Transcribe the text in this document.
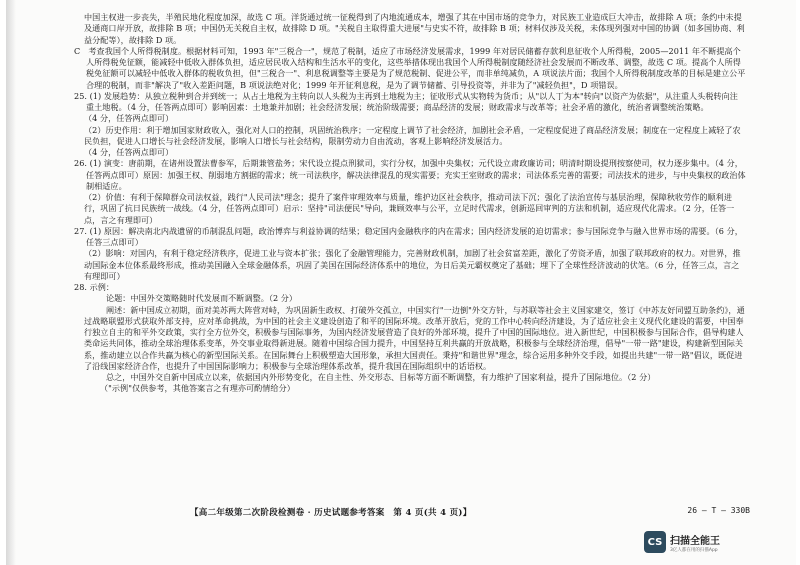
中国主权进一步丧失，半殖民地化程度加深，故选 C 项。洋货通过统一征税得到了内地流通成本，增强了其在中国市场的竞争力，对民族工业造成巨大冲击，故排除 A 项；条约中未提及通商口岸开放，故排除 B 项；中国仍无关税自主权，故排除 D 项。"关税自主取得重大进展"与史实不符，故排除 B 项；材料仅涉及关税，未体现列强对中国的协调（如多国协商、利益分配等），故排除 D 项。

C　考查我国个人所得税制度。根据材料可知，1993 年"三税合一"，规范了税制，适应了市场经济发展需求，1999 年对居民储蓄存款利息征收个人所得税，2005—2011 年不断提高个人所得税免征额，能减轻中低收入群体负担，适应居民收入结构和生活水平的变化，这些举措体现出我国个人所得税制度随经济社会发展而不断改革、调整，故选 C 项。提高个人所得税免征额可以减轻中低收入群体的税收负担，但"三税合一"、利息税调整等主要是为了规范税制、促进公平，而非单纯减负，A 项说法片面；我国个人所得税制度改革的目标是建立公平合理的税制，而非"解决了"收入差距问题，B 项说法绝对化；1999 年开征利息税，是为了调节储蓄、引导投资等，并非为了"减轻负担"，D 项错误。

25. (1) 发展趋势：从独立税种到合并到统一；从占土地税为主转向以人头税为主再到土地税为主；征收形式从实物转为货币；从"以人丁为本"转向"以资产为依据"，从注重人头税转向注重土地税。（4 分，任答两点即可）影响因素：土地兼并加剧；社会经济发展；统治阶级需要；商品经济的发展；财政需求与改革等；社会矛盾的激化，统治者调整统治策略。

（4 分，任答两点即可）

（2）历史作用：利于增加国家财政收入，强化对人口的控制，巩固统治秩序；一定程度上调节了社会经济，加剧社会矛盾，一定程度促进了商品经济发展；制度在一定程度上减轻了农民负担，促进人口增长与社会经济发展，影响人口增长与社会结构，限制劳动力自由流动，客观上影响经济发展活力。

（4 分，任答两点即可）

26. (1) 演变：唐前期，在诸州设置法曹参军，后期兼管盐务；宋代设立提点刑狱司，实行分权，加强中央集权；元代设立肃政廉访司；明清时期设提刑按察使司，权力逐步集中。（4 分，任答两点即可）原因：加强王权、削弱地方割据的需求；统一司法秩序，解决法律混乱的现实需要；充实王室财政的需求；司法体系完善的需要；司法技术的进步，与中央集权的政治体制相适应。

（2）价值：有利于保障群众司法权益，践行"人民司法"理念；提升了案件审理效率与质量，维护边区社会秩序，推动司法下沉；强化了法治宣传与基层治理，保障秋收劳作的顺利进行，巩固了抗日民族统一战线。（4 分，任答两点即可）启示：坚持"司法便民"导向，兼顾效率与公平，立足时代需求，创新巡回审判的方法和机制，适应现代化需求。（2 分，任答一点，言之有理即可）

27. (1) 原因：解决南北内战遗留的币制混乱问题，政治博弈与利益协调的结果；稳定国内金融秩序的内在需求；国内经济发展的迫切需求；参与国际竞争与融入世界市场的需要。（6 分，任答三点即可）

（2）影响：对国内，有利于稳定经济秩序，促进工业与资本扩张；强化了金融管理能力，完善财政机制，加剧了社会贫富差距，激化了劳资矛盾，加强了联邦政府的权力。对世界，推动国际金本位体系最终形成，推动美国融入全球金融体系，巩固了美国在国际经济体系中的地位，为日后美元霸权奠定了基础；埋下了全球性经济波动的伏笔。（6 分，任答三点，言之有理即可）

28. 示例：

论题：中国外交策略随时代发展而不断调整。（2 分）

阐述：新中国成立初期，面对美苏两大阵营对峙，为巩固新生政权、打破外交孤立，中国实行"一边倒"外交方针，与苏联等社会主义国家建交，签订《中苏友好同盟互助条约》，通过战略联盟形式获取外部支持，应对革命挑战，为中国的社会主义建设创造了和平的国际环境。改革开放后，党的工作中心转向经济建设，为了适应社会主义现代化建设的需要，中国奉行独立自主的和平外交政策，实行全方位外交，积极参与国际事务，为国内经济发展营造了良好的外部环境，提升了中国的国际地位。进入新世纪，中国积极参与国际合作，倡导构建人类命运共同体，推动全球治理体系变革，外交事业取得新进展。随着中国综合国力提升，中国坚持互利共赢的开放战略，积极参与全球经济治理，倡导"一带一路"建设，构建新型国际关系，推动建立以合作共赢为核心的新型国际关系。在国际舞台上积极塑造大国形象，承担大国责任。秉持"和谐世界"理念，综合运用多种外交手段，如提出共建"一带一路"倡议，既促进了沿线国家经济合作，也提升了中国国际影响力；积极参与全球治理体系改革，提升我国在国际组织中的话语权。

总之，中国外交自新中国成立以来，依据国内外形势变化，在自主性、外交形态、目标等方面不断调整，有力维护了国家利益，提升了国际地位。（2 分）

（"示例"仅供参考，其他答案言之有理亦可酌情给分）

【高二年级第二次阶段检测卷 · 历史试题参考答案　第 4 页(共 4 页)】	26 — T — 330B
CS 扫描全能王
3亿人都在用的扫描App
